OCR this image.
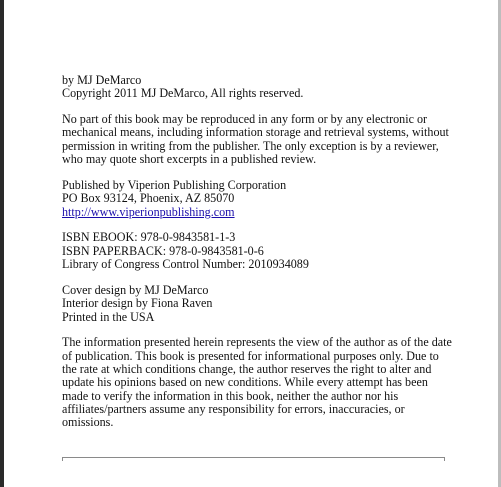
by MJ DeMarco
Copyright 2011 MJ DeMarco, All rights reserved.
No part of this book may be reproduced in any form or by any electronic or
mechanical means, including information storage and retrieval systems, without
permission in writing from the publisher. The only exception is by a reviewer,
who may quote short excerpts in a published review.
Published by Viperion Publishing Corporation
PO Box 93124, Phoenix, AZ 85070
http://www.viperionpublishing.com
ISBN EBOOK: 978-0-9843581-1-3
ISBN PAPERBACK: 978-0-9843581-0-6
Library of Congress Control Number: 2010934089
Cover design by MJ DeMarco
Interior design by Fiona Raven
Printed in the USA
The information presented herein represents the view of the author as of the date
of publication. This book is presented for informational purposes only. Due to
the rate at which conditions change, the author reserves the right to alter and
update his opinions based on new conditions. While every attempt has been
made to verify the information in this book, neither the author nor his
affiliates/partners assume any responsibility for errors, inaccuracies, or
omissions.
